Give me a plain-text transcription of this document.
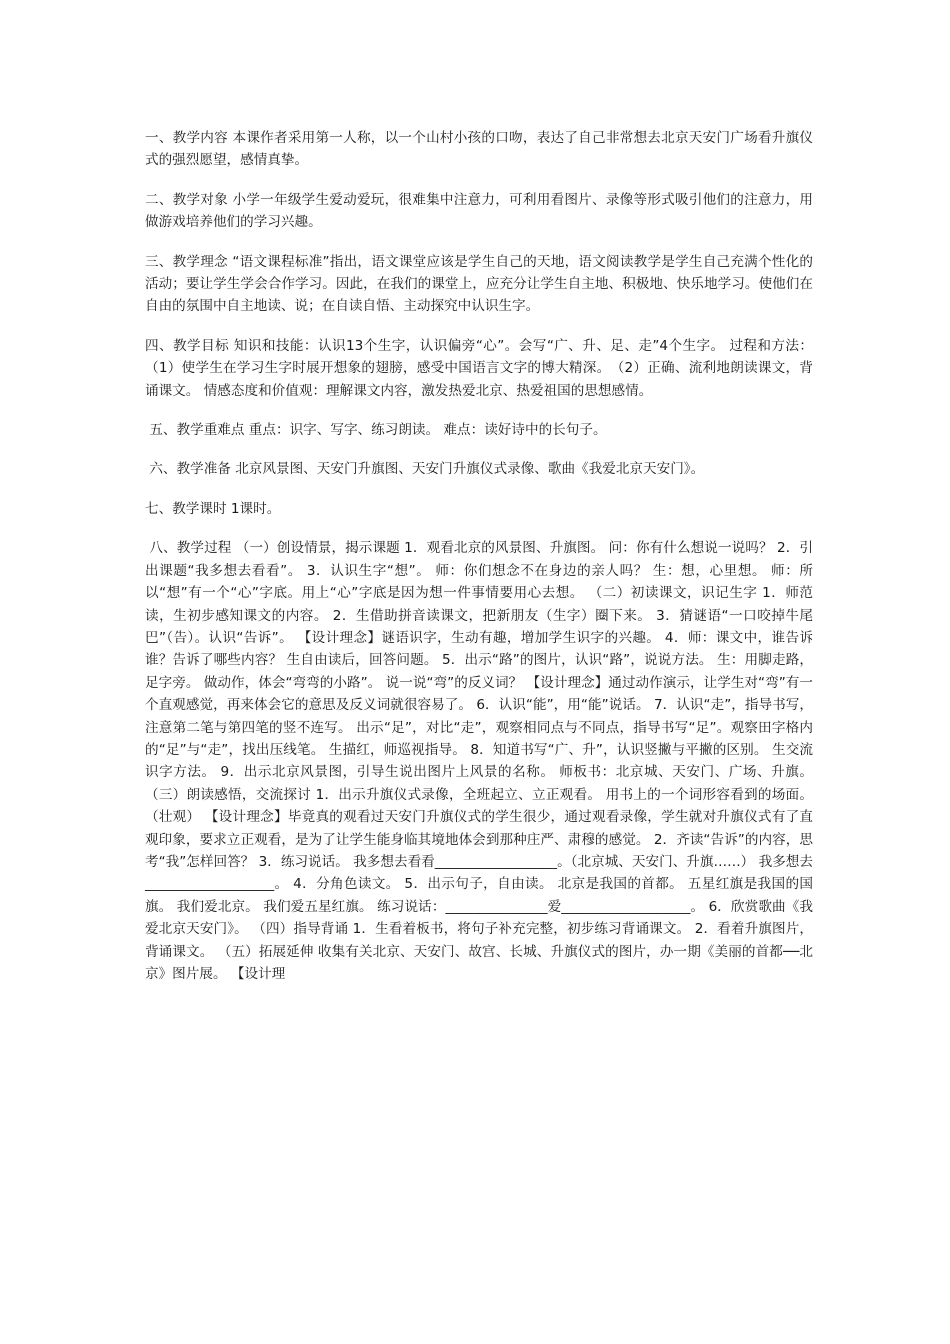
一、教学内容 本课作者采用第一人称，以一个山村小孩的口吻，表达了自己非常想去北京天安门广场看升旗仪式的强烈愿望，感情真挚。

二、教学对象 小学一年级学生爱动爱玩，很难集中注意力，可利用看图片、录像等形式吸引他们的注意力，用做游戏培养他们的学习兴趣。

三、教学理念 “语文课程标准”指出，语文课堂应该是学生自己的天地，语文阅读教学是学生自己充满个性化的活动；要让学生学会合作学习。因此，在我们的课堂上，应充分让学生自主地、积极地、快乐地学习。使他们在自由的氛围中自主地读、说；在自读自悟、主动探究中认识生字。

四、教学目标 知识和技能：认识13个生字，认识偏旁“心”。会写“广、升、足、走”4个生字。 过程和方法： （1）使学生在学习生字时展开想象的翅膀，感受中国语言文字的博大精深。　（2）正确、流利地朗读课文，背诵课文。 情感态度和价值观：理解课文内容，激发热爱北京、热爱祖国的思想感情。

五、教学重难点 重点：识字、写字、练习朗读。 难点：读好诗中的长句子。

六、教学准备 北京风景图、天安门升旗图、天安门升旗仪式录像、歌曲《我爱北京天安门》。

七、教学课时 1课时。

八、教学过程 （一）创设情景，揭示课题 1．观看北京的风景图、升旗图。 问：你有什么想说一说吗？ 2．引出课题“我多想去看看”。 3．认识生字“想”。 师：你们想念不在身边的亲人吗？ 生：想，心里想。 师：所以“想”有一个“心”字底。用上“心”字底是因为想一件事情要用心去想。 （二）初读课文，识记生字 1．师范读，生初步感知课文的内容。 2．生借助拼音读课文，把新朋友（生字）圈下来。 3．猜谜语“一口咬掉牛尾巴”（告）。认识“告诉”。 【设计理念】谜语识字，生动有趣，增加学生识字的兴趣。 4．师：课文中，谁告诉谁？告诉了哪些内容？ 生自由读后，回答问题。 5．出示“路”的图片，认识“路”，说说方法。 生：用脚走路，足字旁。 做动作，体会“弯弯的小路”。 说一说“弯”的反义词？ 【设计理念】通过动作演示，让学生对“弯”有一个直观感觉，再来体会它的意思及反义词就很容易了。 6．认识“能”，用“能”说话。 7．认识“走”，指导书写，注意第二笔与第四笔的竖不连写。 出示“足”，对比“走”，观察相同点与不同点，指导书写“足”。观察田字格内的“足”与“走”，找出压线笔。 生描红，师巡视指导。 8．知道书写“广、升”，认识竖撇与平撇的区别。 生交流识字方法。 9．出示北京风景图，引导生说出图片上风景的名称。 师板书：北京城、天安门、广场、升旗。 （三）朗读感悟，交流探讨 1．出示升旗仪式录像，全班起立、立正观看。 用书上的一个词形容看到的场面。（壮观） 【设计理念】毕竟真的观看过天安门升旗仪式的学生很少，通过观看录像，学生就对升旗仪式有了直观印象，要求立正观看，是为了让学生能身临其境地体会到那种庄严、肃穆的感觉。 2．齐读“告诉”的内容，思考“我”怎样回答？ 3．练习说话。 我多想去看看__________________。（北京城、天安门、升旗……） 我多想去___________________。 4．分角色读文。 5．出示句子，自由读。 北京是我国的首都。 五星红旗是我国的国旗。 我们爱北京。 我们爱五星红旗。 练习说话：_______________爱___________________。 6．欣赏歌曲《我爱北京天安门》。 （四）指导背诵 1．生看着板书，将句子补充完整，初步练习背诵课文。 2．看着升旗图片，背诵课文。 （五）拓展延伸 收集有关北京、天安门、故宫、长城、升旗仪式的图片，办一期《美丽的首都──北京》图片展。 【设计理
